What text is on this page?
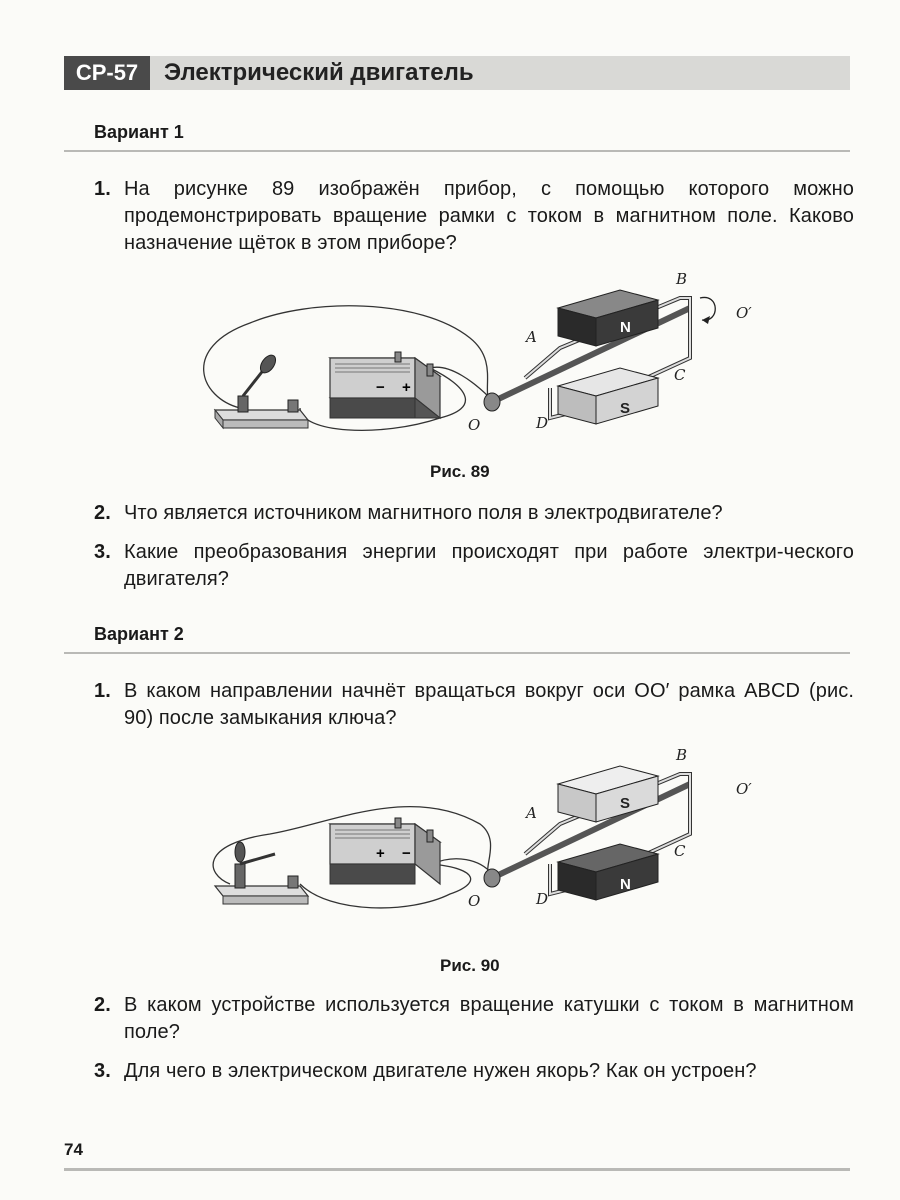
СР-57	Электрический двигатель
Вариант 1
1. На рисунке 89 изображён прибор, с помощью которого можно продемонстрировать вращение рамки с током в магнитном поле. Каково назначение щёток в этом приборе?
+
−
N
S
A
B
C
D
O
O′
Рис. 89
2. Что является источником магнитного поля в электродвигателе?
3. Какие преобразования энергии происходят при работе электри-ческого двигателя?
Вариант 2
1. В каком направлении начнёт вращаться вокруг оси OO′ рамка ABCD (рис. 90) после замыкания ключа?
+ −
S
N
A
B
C
D
O
O′
Рис. 90
2. В каком устройстве используется вращение катушки с током в магнитном поле?
3. Для чего в электрическом двигателе нужен якорь? Как он устроен?
74
